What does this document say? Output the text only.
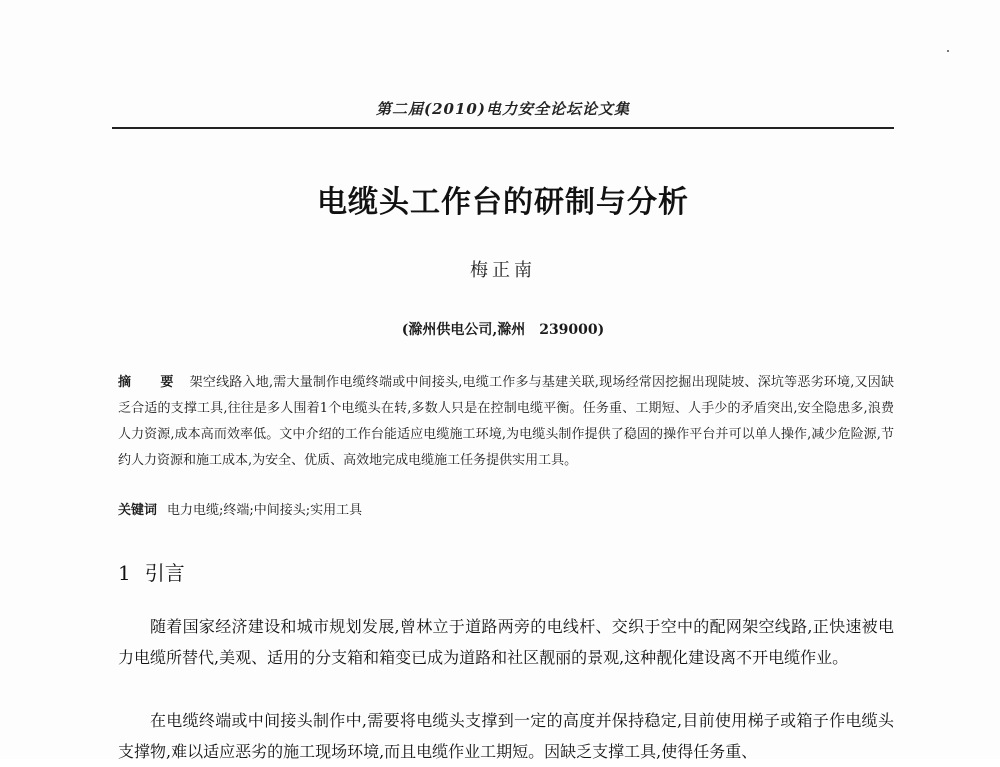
第二届(2010)电力安全论坛论文集
电缆头工作台的研制与分析
梅正南
(滁州供电公司,滁州　239000)
摘　要 架空线路入地,需大量制作电缆终端或中间接头,电缆工作多与基建关联,现场经常因挖掘出现陡坡、深坑等恶劣环境,又因缺乏合适的支撑工具,往往是多人围着1个电缆头在转,多数人只是在控制电缆平衡。任务重、工期短、人手少的矛盾突出,安全隐患多,浪费人力资源,成本高而效率低。文中介绍的工作台能适应电缆施工环境,为电缆头制作提供了稳固的操作平台并可以单人操作,减少危险源,节约人力资源和施工成本,为安全、优质、高效地完成电缆施工任务提供实用工具。
关键词 电力电缆;终端;中间接头;实用工具
1 引言

随着国家经济建设和城市规划发展,曾林立于道路两旁的电线杆、交织于空中的配网架空线路,正快速被电力电缆所替代,美观、适用的分支箱和箱变已成为道路和社区靓丽的景观,这种靓化建设离不开电缆作业。

在电缆终端或中间接头制作中,需要将电缆头支撑到一定的高度并保持稳定,目前使用梯子或箱子作电缆头支撑物,难以适应恶劣的施工现场环境,而且电缆作业工期短。因缺乏支撑工具,使得任务重、
